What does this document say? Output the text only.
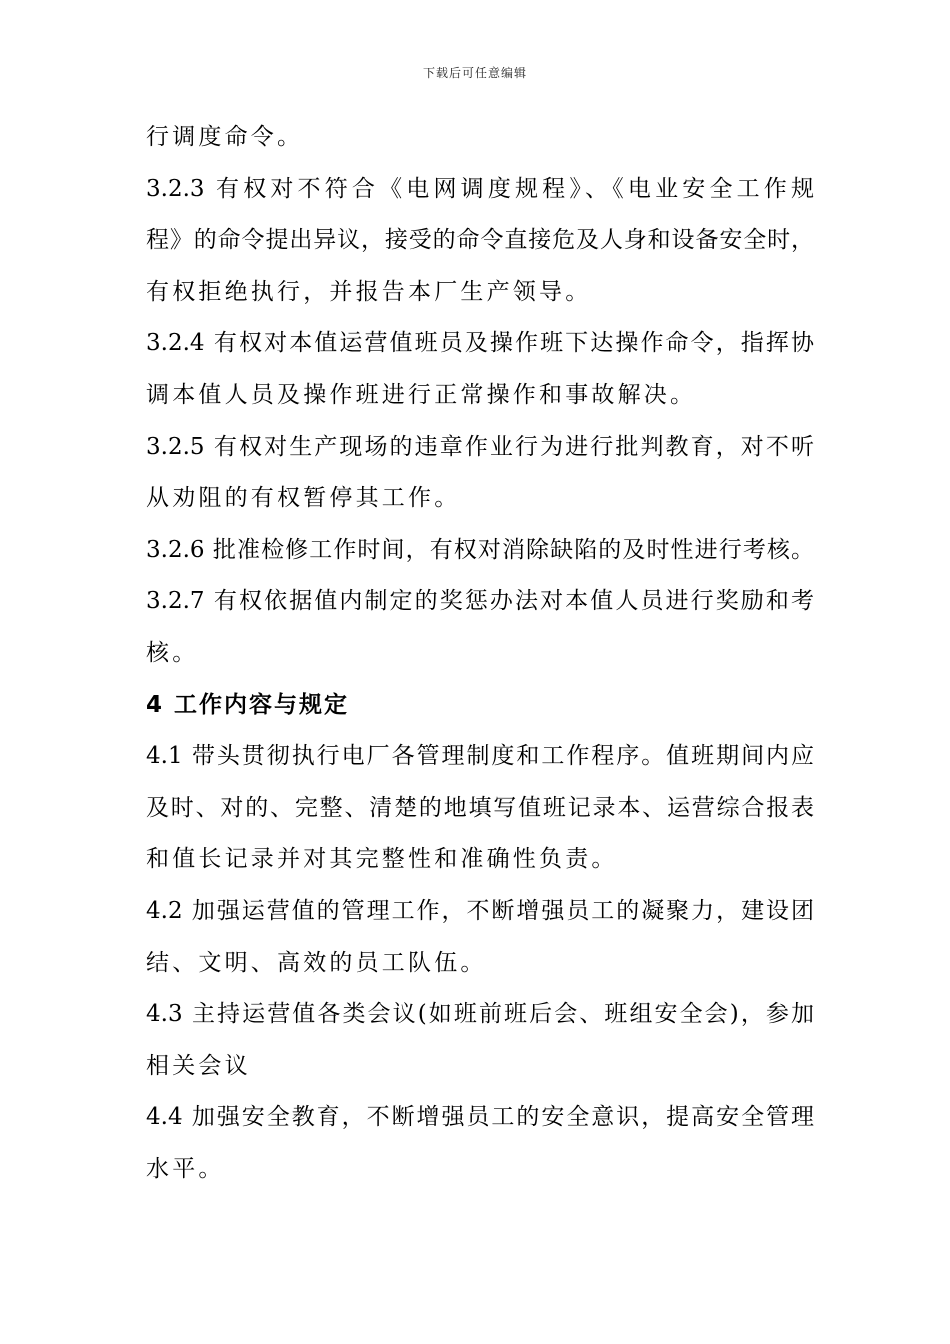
下载后可任意编辑
行调度命令。
3.2.3 有权对不符合《电网调度规程》、《电业安全工作规
程》的命令提出异议，接受的命令直接危及人身和设备安全时，
有权拒绝执行，并报告本厂生产领导。
3.2.4 有权对本值运营值班员及操作班下达操作命令，指挥协
调本值人员及操作班进行正常操作和事故解决。
3.2.5 有权对生产现场的违章作业行为进行批判教育，对不听
从劝阻的有权暂停其工作。
3.2.6 批准检修工作时间，有权对消除缺陷的及时性进行考核。
3.2.7 有权依据值内制定的奖惩办法对本值人员进行奖励和考
核。
4 工作内容与规定
4.1 带头贯彻执行电厂各管理制度和工作程序。值班期间内应
及时、对的、完整、清楚的地填写值班记录本、运营综合报表
和值长记录并对其完整性和准确性负责。
4.2 加强运营值的管理工作，不断增强员工的凝聚力，建设团
结、文明、高效的员工队伍。
4.3 主持运营值各类会议(如班前班后会、班组安全会)，参加
相关会议
4.4 加强安全教育，不断增强员工的安全意识，提高安全管理
水平。
